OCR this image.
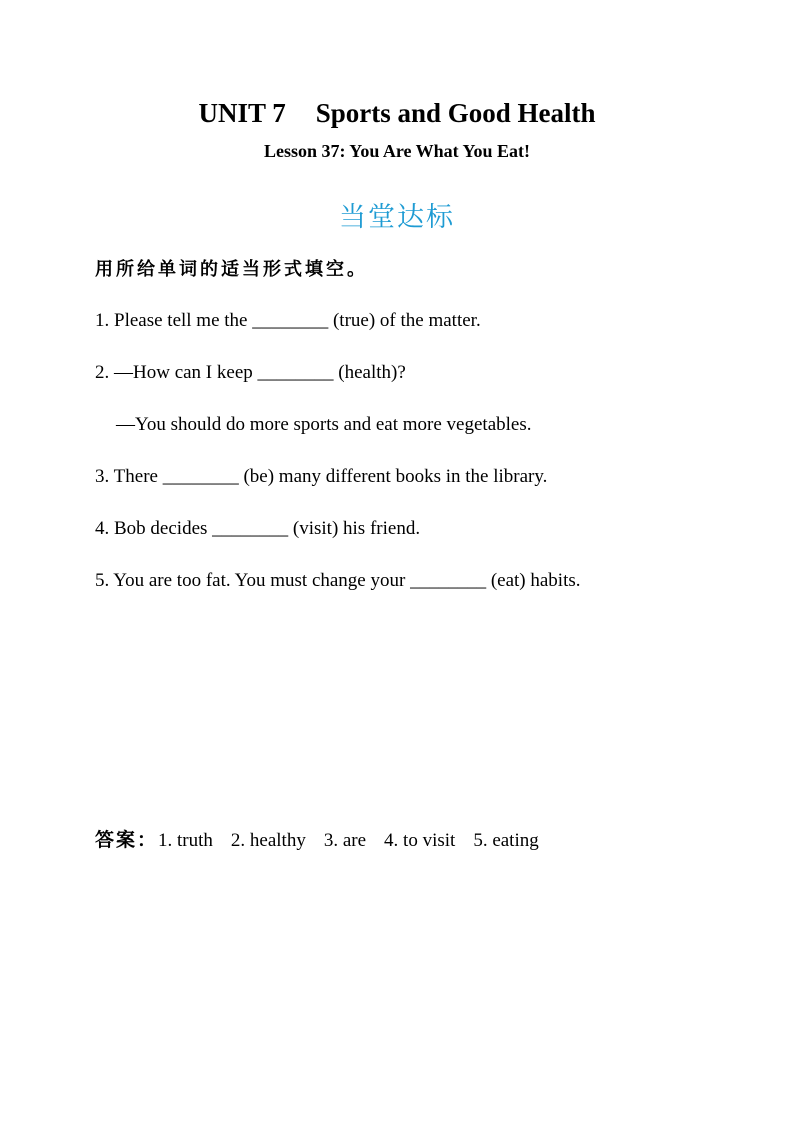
UNIT 7 Sports and Good Health
Lesson 37: You Are What You Eat!
当堂达标
用所给单词的适当形式填空。
1. Please tell me the ________ (true) of the matter.
2. —How can I keep ________ (health)?
—You should do more sports and eat more vegetables.
3. There ________ (be) many different books in the library.
4. Bob decides ________ (visit) his friend.
5. You are too fat. You must change your ________ (eat) habits.
答案：1. truth 2. healthy 3. are 4. to visit 5. eating
